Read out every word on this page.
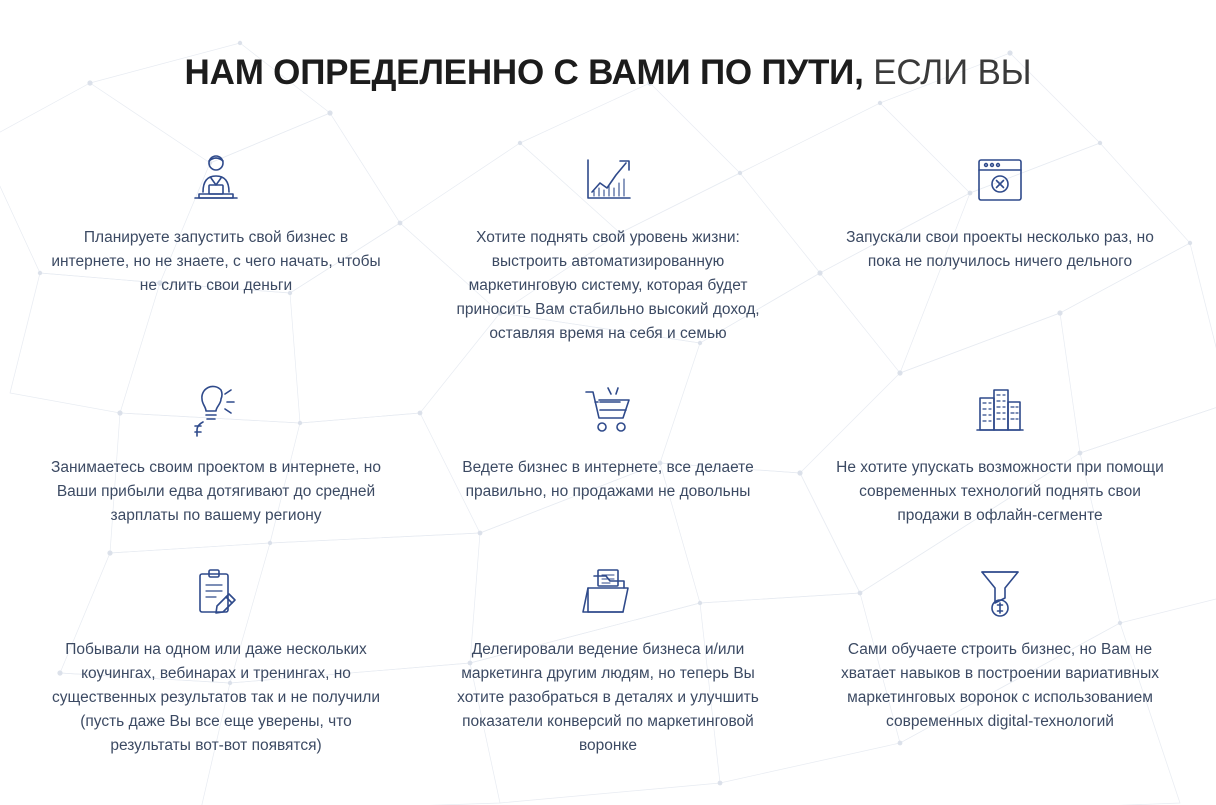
НАМ ОПРЕДЕЛЕННО С ВАМИ ПО ПУТИ, ЕСЛИ ВЫ
Планируете запустить свой бизнес в интернете, но не знаете, с чего начать, чтобы не слить свои деньги
Хотите поднять свой уровень жизни: выстроить автоматизированную маркетинговую систему, которая будет приносить Вам стабильно высокий доход, оставляя время на себя и семью
Запускали свои проекты несколько раз, но пока не получилось ничего дельного
Занимаетесь своим проектом в интернете, но Ваши прибыли едва дотягивают до средней зарплаты по вашему региону
Ведете бизнес в интернете, все делаете правильно, но продажами не довольны
Не хотите упускать возможности при помощи современных технологий поднять свои продажи в офлайн-сегменте
Побывали на одном или даже нескольких коучингах, вебинарах и тренингах, но существенных результатов так и не получили (пусть даже Вы все еще уверены, что результаты вот-вот появятся)
Делегировали ведение бизнеса и/или маркетинга другим людям, но теперь Вы хотите разобраться в деталях и улучшить показатели конверсий по маркетинговой воронке
Сами обучаете строить бизнес, но Вам не хватает навыков в построении вариативных маркетинговых воронок с использованием современных digital-технологий
